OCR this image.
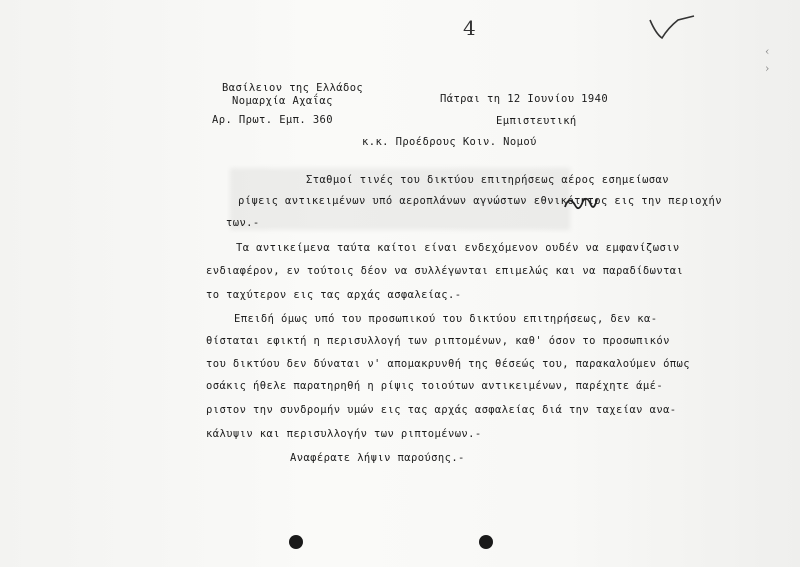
4
‹
›
Βασίλειον της Ελλάδος
Νομαρχία Αχαΐας	Πάτραι τη 12 Ιουνίου 1940
Αρ. Πρωτ. Εμπ. 360	Εμπιστευτική
κ.κ. Προέδρους Κοιν. Νομού
Σταθμοί τινές του δικτύου επιτηρήσεως αέρος εσημείωσαν
ρίψεις αντικειμένων υπό αεροπλάνων αγνώστων εθνικότητος εις την περιοχήν
των.-
Τα αντικείμενα ταύτα καίτοι είναι ενδεχόμενον ουδέν να εμφανίζωσιν
ενδιαφέρον, εν τούτοις δέον να συλλέγωνται επιμελώς και να παραδίδωνται
το ταχύτερον εις τας αρχάς ασφαλείας.-
Επειδή όμως υπό του προσωπικού του δικτύου επιτηρήσεως, δεν κα-
θίσταται εφικτή η περισυλλογή των ριπτομένων, καθ' όσον το προσωπικόν
του δικτύου δεν δύναται ν' απομακρυνθή της θέσεώς του, παρακαλούμεν όπως
οσάκις ήθελε παρατηρηθή η ρίψις τοιούτων αντικειμένων, παρέχητε άμέ-
ριστον την συνδρομήν υμών εις τας αρχάς ασφαλείας διά την ταχείαν ανα-
κάλυψιν και περισυλλογήν των ριπτομένων.-
Αναφέρατε λήψιν παρούσης.-
